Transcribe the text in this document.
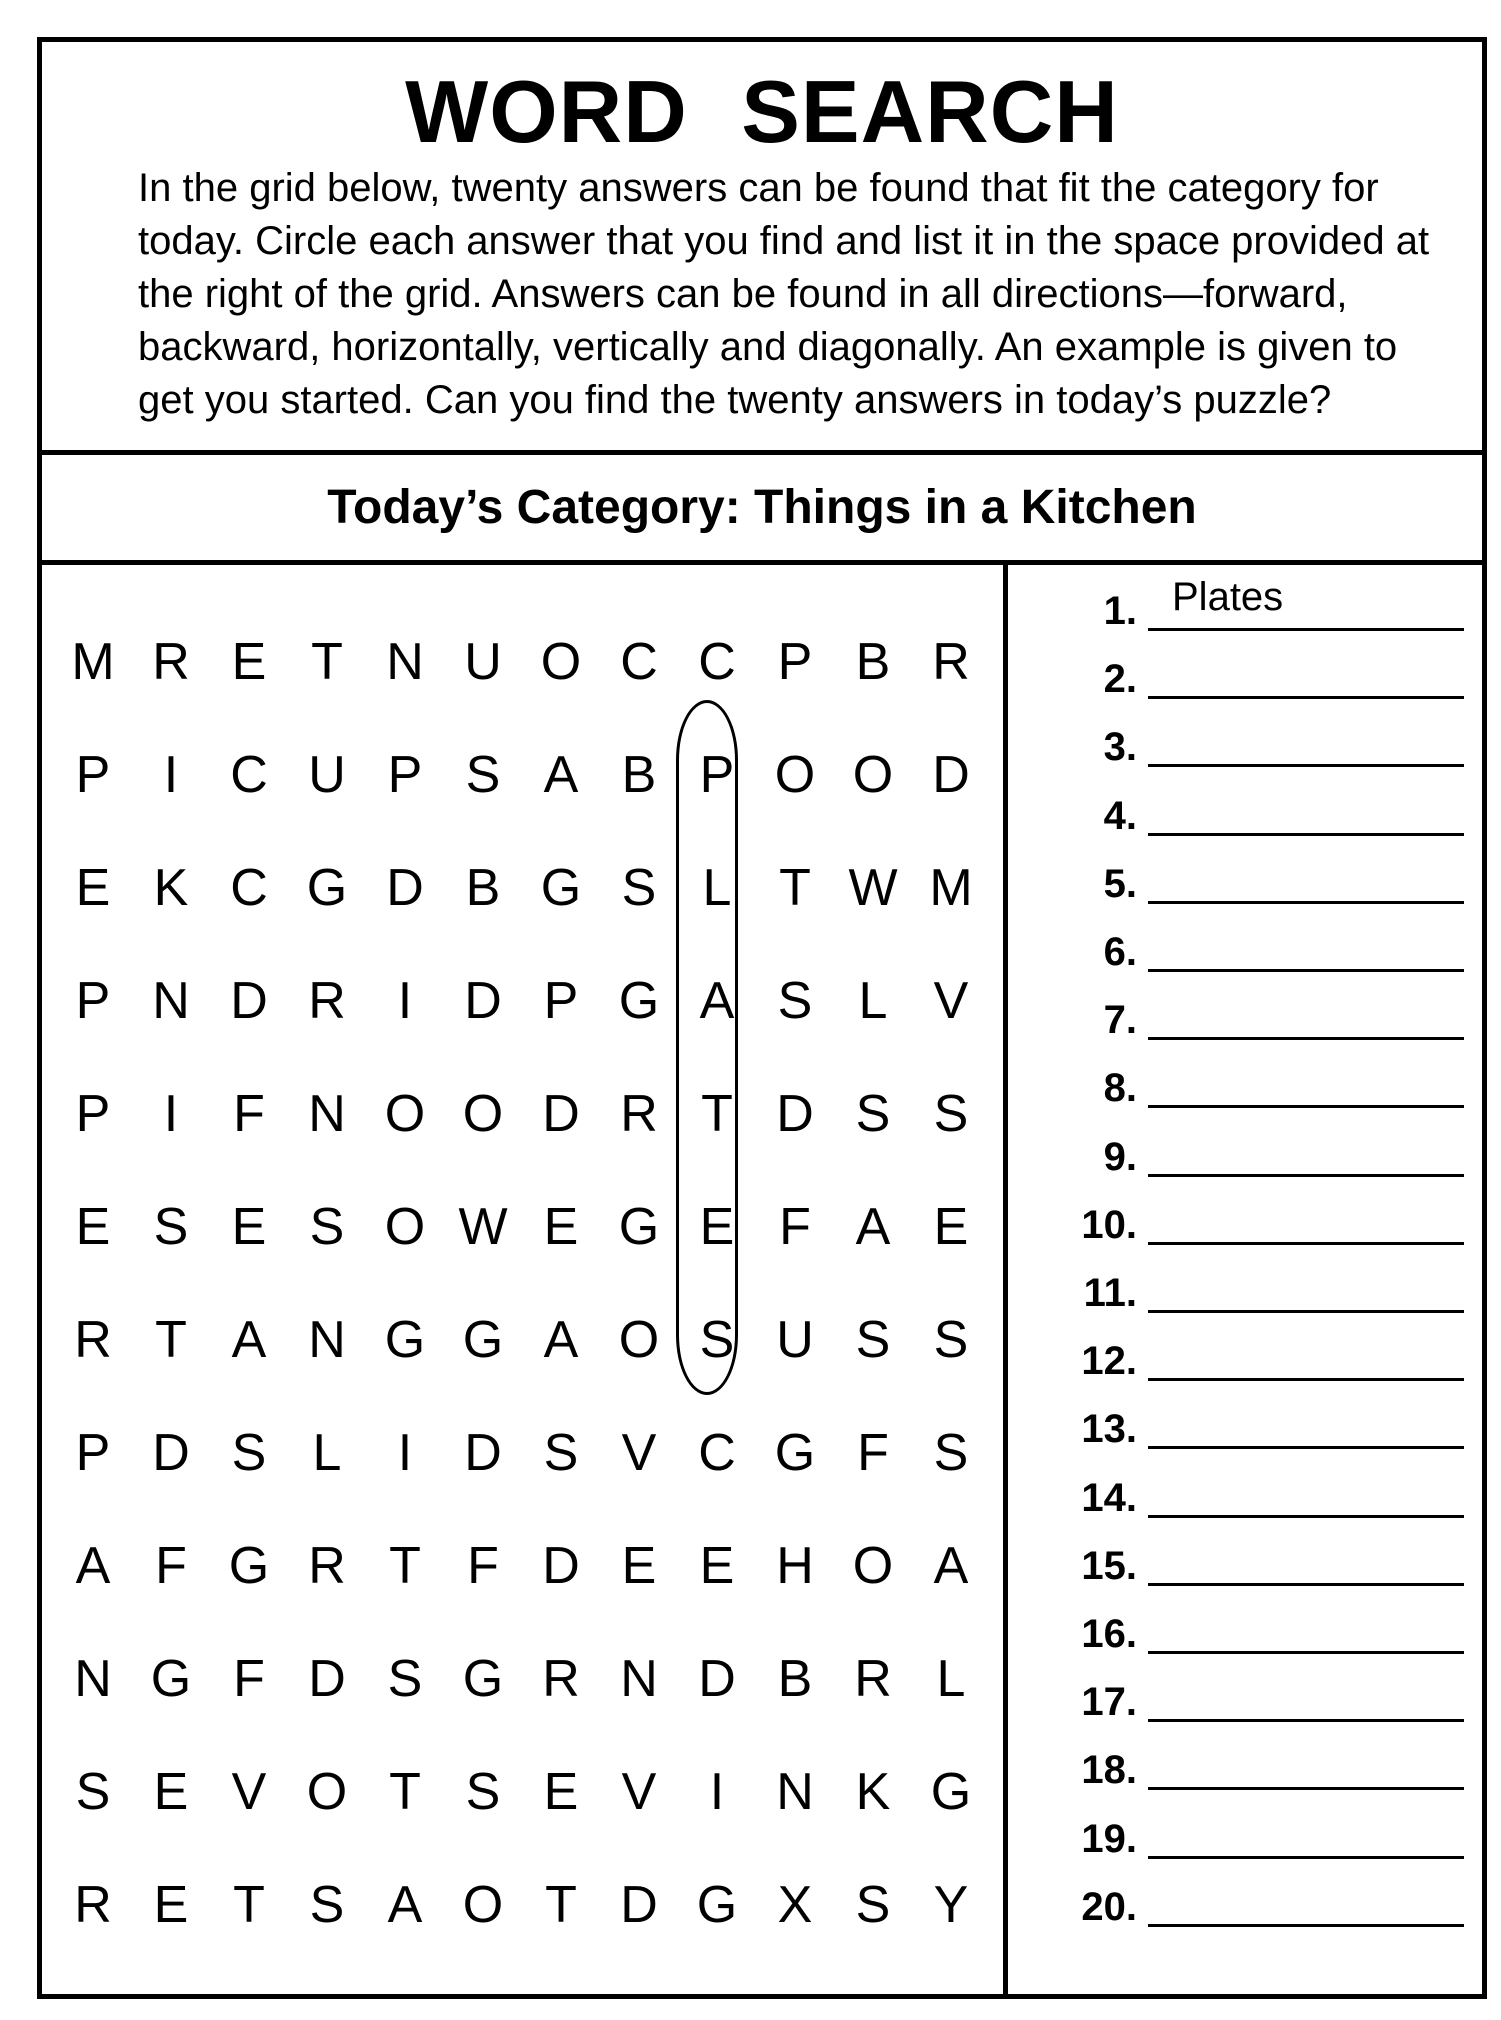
WORD SEARCH
In the grid below, twenty answers can be found that fit the category for today. Circle each answer that you find and list it in the space provided at the right of the grid. Answers can be found in all directions—forward, backward, horizontally, vertically and diagonally. An example is given to get you started. Can you find the twenty answers in today’s puzzle?
Today’s Category: Things in a Kitchen
M R E T N U O C C P B R
P	I	C U P S A B P O O D
E K C G D B G S L T W M
P N D R I	D P G A S L V
P	I	F N O O D R T D S S
E S E S O W E G E F A E
R T A N G G A O S U S S
P D S L	I	D S V C G F S
A F G R T F D E E H O A
N G F D S G R N D B R L
S E V O T S E V	I	N K G
R E T S A O T D G X S Y
1. Plates
2.
3.
4.
5.
6.
7.
8.
9.
10.
11.
12.
13.
14.
15.
16.
17.
18.
19.
20.
